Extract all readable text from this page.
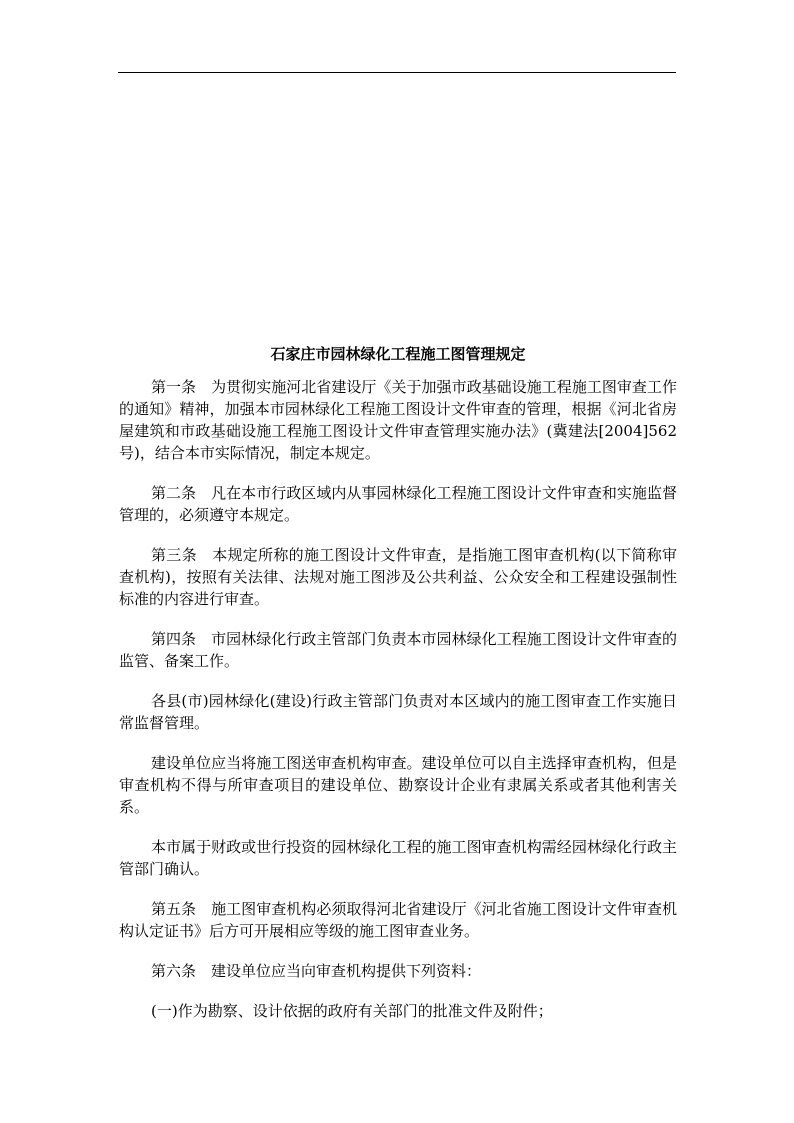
石家庄市园林绿化工程施工图管理规定

第一条　为贯彻实施河北省建设厅《关于加强市政基础设施工程施工图审查工作的通知》精神，加强本市园林绿化工程施工图设计文件审查的管理，根据《河北省房屋建筑和市政基础设施工程施工图设计文件审查管理实施办法》(冀建法[2004]562号)，结合本市实际情况，制定本规定。

第二条　凡在本市行政区域内从事园林绿化工程施工图设计文件审查和实施监督管理的，必须遵守本规定。

第三条　本规定所称的施工图设计文件审查，是指施工图审查机构(以下简称审查机构)，按照有关法律、法规对施工图涉及公共利益、公众安全和工程建设强制性标准的内容进行审查。

第四条　市园林绿化行政主管部门负责本市园林绿化工程施工图设计文件审查的监管、备案工作。

各县(市)园林绿化(建设)行政主管部门负责对本区域内的施工图审查工作实施日常监督管理。

建设单位应当将施工图送审查机构审查。建设单位可以自主选择审查机构，但是审查机构不得与所审查项目的建设单位、勘察设计企业有隶属关系或者其他利害关系。

本市属于财政或世行投资的园林绿化工程的施工图审查机构需经园林绿化行政主管部门确认。

第五条　施工图审查机构必须取得河北省建设厅《河北省施工图设计文件审查机构认定证书》后方可开展相应等级的施工图审查业务。

第六条　建设单位应当向审查机构提供下列资料：

(一)作为勘察、设计依据的政府有关部门的批准文件及附件；
